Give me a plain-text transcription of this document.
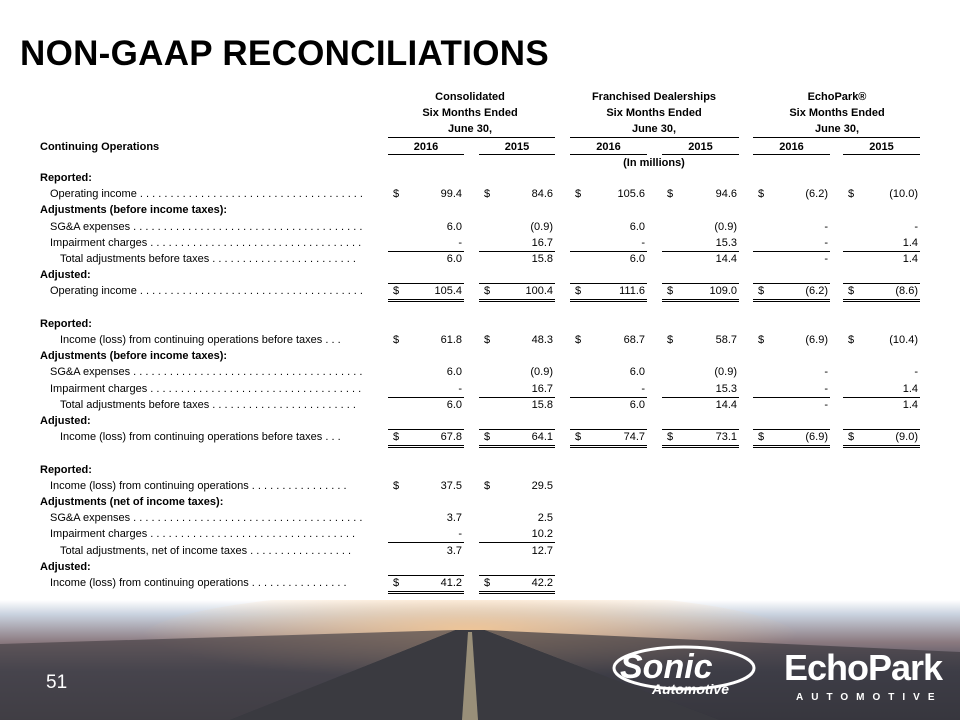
NON-GAAP RECONCILIATIONS
Consolidated
Six Months Ended
June 30,
Franchised Dealerships
Six Months Ended
June 30,
EchoPark®
Six Months Ended
June 30,
Continuing Operations	2016	2015	2016	2015	2016	2015
(In millions)
Reported:
Operating income . . . . . . . . . . . . . . . . . . . . . . . . . . . . . . . . . . . . .	$	99.4 $	84.6 $	105.6 $	94.6 $	(6.2) $	(10.0)
Adjustments (before income taxes):
SG&A expenses . . . . . . . . . . . . . . . . . . . . . . . . . . . . . . . . . . . . . .	6.0	(0.9)	6.0	(0.9)	-	-
Impairment charges . . . . . . . . . . . . . . . . . . . . . . . . . . . . . . . . . . .	-	16.7	-	15.3	-	1.4
Total adjustments before taxes . . . . . . . . . . . . . . . . . . . . . . . .	6.0	15.8	6.0	14.4	-	1.4
Adjusted:
Operating income . . . . . . . . . . . . . . . . . . . . . . . . . . . . . . . . . . . . .	$	105.4 $	100.4 $	111.6 $	109.0 $	(6.2) $	(8.6)
Reported:
Income (loss) from continuing operations before taxes . . .	$	61.8 $	48.3 $	68.7 $	58.7 $	(6.9) $	(10.4)
Adjustments (before income taxes):
SG&A expenses . . . . . . . . . . . . . . . . . . . . . . . . . . . . . . . . . . . . . .	6.0	(0.9)	6.0	(0.9)	-	-
Impairment charges . . . . . . . . . . . . . . . . . . . . . . . . . . . . . . . . . . .	-	16.7	-	15.3	-	1.4
Total adjustments before taxes . . . . . . . . . . . . . . . . . . . . . . . .	6.0	15.8	6.0	14.4	-	1.4
Adjusted:
Income (loss) from continuing operations before taxes . . .	$	67.8 $	64.1 $	74.7 $	73.1 $	(6.9) $	(9.0)
Reported:
Income (loss) from continuing operations . . . . . . . . . . . . . . . .	$	37.5 $	29.5
Adjustments (net of income taxes):
SG&A expenses . . . . . . . . . . . . . . . . . . . . . . . . . . . . . . . . . . . . . .	3.7	2.5
Impairment charges . . . . . . . . . . . . . . . . . . . . . . . . . . . . . . . . . .	-	10.2
Total adjustments, net of income taxes . . . . . . . . . . . . . . . . .	3.7	12.7
Adjusted:
Income (loss) from continuing operations . . . . . . . . . . . . . . . .	$	41.2 $	42.2
51	Sonic
Automotive
EchoPark
AUTOMOTIVE
